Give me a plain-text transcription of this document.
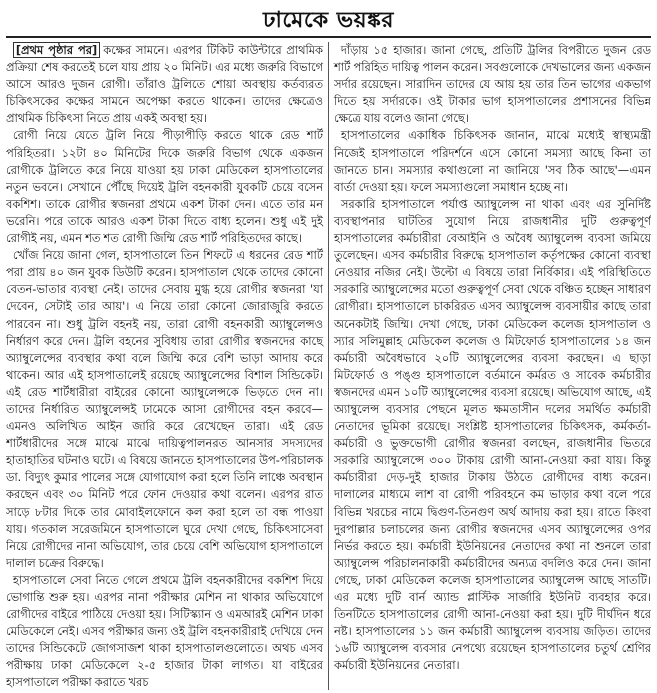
ঢামেকে ভয়ঙ্কর

[প্রথম পৃষ্ঠার পর] কক্ষের সামনে। এরপর টিকিট কাউন্টারে প্রাথমিক প্রক্রিয়া শেষ করতেই চলে যায় প্রায় ২০ মিনিট। এর মধ্যে জরুরি বিভাগে আসে আরও দুজন রোগী। তাঁরাও ট্রলিতে শোয়া অবস্থায় কর্তব্যরত চিকিৎসকের কক্ষের সামনে অপেক্ষা করতে থাকেন। তাদের ক্ষেত্রেও প্রাথমিক চিকিৎসা নিতে প্রায় একই অবস্থা হয়।

রোগী নিয়ে যেতে ট্রলি নিয়ে পীড়াপীড়ি করতে থাকে রেড শার্ট পরিহিতরা। ১২টা ৪০ মিনিটের দিকে জরুরি বিভাগ থেকে একজন রোগীকে ট্রলিতে করে নিয়ে যাওয়া হয় ঢাকা মেডিকেল হাসপাতালের নতুন ভবনে। সেখানে পৌঁছে দিয়েই ট্রলি বহনকারী যুবকটি চেয়ে বসেন বকশিশ। তাকে রোগীর স্বজনরা প্রথমে একশ টাকা দেন। এতে তার মন ভরেনি। পরে তাকে আরও একশ টাকা দিতে বাধ্য হলেন। শুধু এই দুই রোগীই নয়, এমন শত শত রোগী জিম্মি রেড শার্ট পরিহিতদের কাছে।

খোঁজ নিয়ে জানা গেল, হাসপাতালে তিন শিফটে এ ধরনের রেড শার্ট পরা প্রায় ৪০ জন যুবক ডিউটি করেন। হাসপাতাল থেকে তাদের কোনো বেতন-ভাতার ব্যবস্থা নেই। তাদের সেবায় মুগ্ধ হয়ে রোগীর স্বজনরা 'যা দেবেন, সেটাই তার আয়'। এ নিয়ে তারা কোনো জোরাজুরি করতে পারবেন না। শুধু ট্রলি বহনই নয়, তারা রোগী বহনকারী অ্যাম্বুলেন্সও নির্ধারণ করে দেন। ট্রলি বহনের সুবিধায় তারা রোগীর স্বজনদের কাছে অ্যাম্বুলেন্সের ব্যবস্থার কথা বলে জিম্মি করে বেশি ভাড়া আদায় করে থাকেন। আর এই হাসপাতালেই রয়েছে অ্যাম্বুলেন্সের বিশাল সিন্ডিকেট। এই রেড শার্টধারীরা বাইরের কোনো অ্যাম্বুলেন্সকে ভিড়তে দেন না। তাদের নির্ধারিত অ্যাম্বুলেন্সই ঢামেকে আসা রোগীদের বহন করবে—এমনও অলিখিত আইন জারি করে রেখেছেন তারা। এই রেড শার্টধারীদের সঙ্গে মাঝে মাঝে দায়িত্বপালনরত আনসার সদস্যদের হাতাহাতির ঘটনাও ঘটে। এ বিষয়ে জানতে হাসপাতালের উপ-পরিচালক ডা. বিদ্যুৎ কুমার পালের সঙ্গে যোগাযোগ করা হলে তিনি লাঞ্চে অবস্থান করছেন এবং ৩০ মিনিট পরে ফোন দেওয়ার কথা বলেন। এরপর রাত সাড়ে ৮টার দিকে তার মোবাইলফোনে কল করা হলে তা বন্ধ পাওয়া যায়। গতকাল সরেজমিনে হাসপাতালে ঘুরে দেখা গেছে, চিকিৎসাসেবা নিয়ে রোগীদের নানা অভিযোগ, তার চেয়ে বেশি অভিযোগ হাসপাতালে দালাল চক্রের বিরুদ্ধে।

হাসপাতালে সেবা নিতে গেলে প্রথমে ট্রলি বহনকারীদের বকশিশ দিয়ে ভোগান্তি শুরু হয়। এরপর নানা পরীক্ষার মেশিন না থাকার অভিযোগে রোগীদের বাইরে পাঠিয়ে দেওয়া হয়। সিটিস্ক্যান ও এমআরই মেশিন ঢাকা মেডিকেলে নেই। এসব পরীক্ষার জন্য ওই ট্রলি বহনকারীরাই দেখিয়ে দেন তাদের সিন্ডিকেটে জোগসাজশ থাকা হাসপাতালগুলোতে। অথচ এসব পরীক্ষায় ঢাকা মেডিকেলে ২-৫ হাজার টাকা লাগত। যা বাইরের হাসপাতালে পরীক্ষা করাতে খরচ

দাঁড়ায় ১৫ হাজার। জানা গেছে, প্রতিটি ট্রলির বিপরীতে দুজন রেড শার্ট পরিহিত দায়িত্ব পালন করেন। সবগুলোকে দেখভালের জন্য একজন সর্দার রয়েছেন। সারাদিন তাদের যে আয় হয় তার তিন ভাগের একভাগ দিতে হয় সর্দারকে। ওই টাকার ভাগ হাসপাতালের প্রশাসনের বিভিন্ন ক্ষেত্রে যায় বলেও জানা গেছে।

হাসপাতালের একাধিক চিকিৎসক জানান, মাঝে মধ্যেই স্বাস্থ্যমন্ত্রী নিজেই হাসপাতালে পরিদর্শনে এসে কোনো সমস্যা আছে কিনা তা জানতে চান। সমস্যার কথাগুলো না জানিয়ে 'সব ঠিক আছে'—এমন বার্তা দেওয়া হয়। ফলে সমস্যাগুলো সমাধান হচ্ছে না।

সরকারি হাসপাতালে পর্যাপ্ত অ্যাম্বুলেন্স না থাকা এবং এর সুনির্দিষ্ট ব্যবস্থাপনার ঘাটতির সুযোগ নিয়ে রাজধানীর দুটি গুরুত্বপূর্ণ হাসপাতালের কর্মচারীরা বেআইনি ও অবৈধ অ্যাম্বুলেন্স ব্যবসা জমিয়ে তুলেছেন। এসব কর্মচারীর বিরুদ্ধে হাসপাতাল কর্তৃপক্ষের কোনো ব্যবস্থা নেওয়ার নজির নেই। উল্টো এ বিষয়ে তারা নির্বিকার। এই পরিস্থিতিতে সরকারি অ্যাম্বুলেন্সের মতো গুরুত্বপূর্ণ সেবা থেকে বঞ্চিত হচ্ছেন সাধারণ রোগীরা। হাসপাতালে চাকরিরত এসব অ্যাম্বুলেন্স ব্যবসায়ীর কাছে তারা অনেকটাই জিম্মি। দেখা গেছে, ঢাকা মেডিকেল কলেজ হাসপাতাল ও স্যার সলিমুল্লাহ মেডিকেল কলেজ ও মিটফোর্ড হাসপাতালের ১৪ জন কর্মচারী অবৈধভাবে ২০টি অ্যাম্বুলেন্সের ব্যবসা করছেন। এ ছাড়া মিটফোর্ড ও পঙ্গু হাসপাতালে বর্তমানে কর্মরত ও সাবেক কর্মচারীর স্বজনদের এমন ১০টি অ্যাম্বুলেন্সের ব্যবসা রয়েছে। অভিযোগ আছে, এই অ্যাম্বুলেন্স ব্যবসার পেছনে মূলত ক্ষমতাসীন দলের সমর্থিত কর্মচারী নেতাদের ভূমিকা রয়েছে। সংশ্লিষ্ট হাসপাতালের চিকিৎসক, কর্মকর্তা-কর্মচারী ও ভুক্তভোগী রোগীর স্বজনরা বলছেন, রাজধানীর ভিতরে সরকারি অ্যাম্বুলেন্সে ৩০০ টাকায় রোগী আনা-নেওয়া করা যায়। কিন্তু কর্মচারীরা দেড়-দুই হাজার টাকায় উঠতে রোগীদের বাধ্য করেন। দালালের মাধ্যমে লাশ বা রোগী পরিবহনে কম ভাড়ার কথা বলে পরে বিভিন্ন খরচের নামে দ্বিগুণ-তিনগুণ অর্থ আদায় করা হয়। রাতে কিংবা দুরপাল্লার চলাচলের জন্য রোগীর স্বজনদের এসব অ্যাম্বুলেন্সের ওপর নির্ভর করতে হয়। কর্মচারী ইউনিয়নের নেতাদের কথা না শুনলে তারা অ্যাম্বুলেন্স পরিচালনাকারী কর্মচারীদের অন্যত্র বদলিও করে দেন। জানা গেছে, ঢাকা মেডিকেল কলেজ হাসপাতালের অ্যাম্বুলেন্স আছে সাতটি। এর মধ্যে দুটি বার্ন অ্যান্ড প্লাস্টিক সার্জারি ইউনিট ব্যবহার করে। তিনটিতে হাসপাতালের রোগী আনা-নেওয়া করা হয়। দুটি দীর্ঘদিন ধরে নষ্ট। হাসপাতালের ১১ জন কর্মচারী অ্যাম্বুলেন্স ব্যবসায় জড়িত। তাদের ১৬টি অ্যাম্বুলেন্স ব্যবসার নেপথ্যে রয়েছেন হাসপাতালের চতুর্থ শ্রেণির কর্মচারী ইউনিয়নের নেতারা।
